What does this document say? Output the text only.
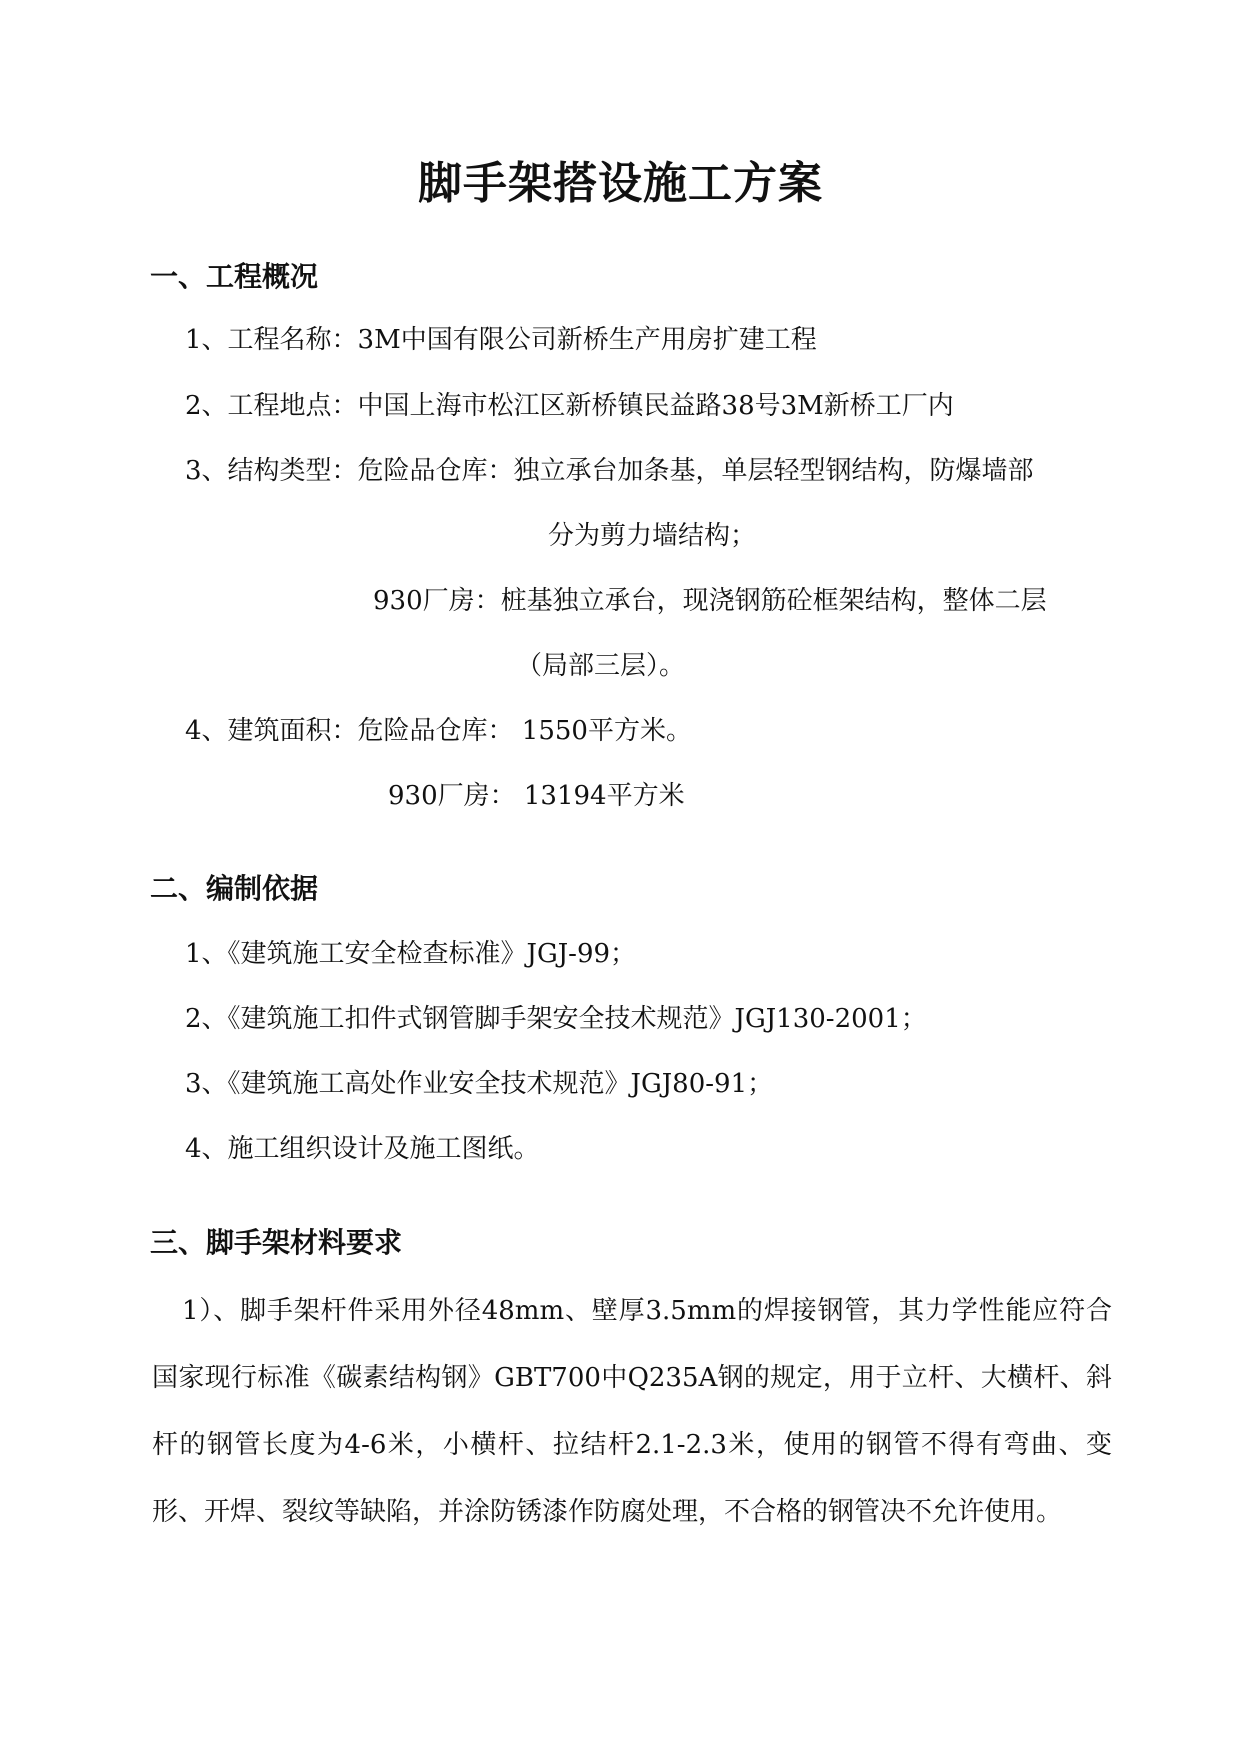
脚手架搭设施工方案
一、工程概况
1、工程名称：3M中国有限公司新桥生产用房扩建工程
2、工程地点：中国上海市松江区新桥镇民益路38号3M新桥工厂内
3、结构类型：危险品仓库：独立承台加条基，单层轻型钢结构，防爆墙部
分为剪力墙结构；
930厂房：桩基独立承台，现浇钢筋砼框架结构，整体二层
（局部三层）。
4、建筑面积：危险品仓库： 1550平方米。
930厂房： 13194平方米
二、编制依据
1、《建筑施工安全检查标准》JGJ-99；
2、《建筑施工扣件式钢管脚手架安全技术规范》JGJ130-2001；
3、《建筑施工高处作业安全技术规范》JGJ80-91；
4、施工组织设计及施工图纸。
三、脚手架材料要求
1）、脚手架杆件采用外径48mm、壁厚3.5mm的焊接钢管，其力学性能应符合国家现行标准《碳素结构钢》GBT700中Q235A钢的规定，用于立杆、大横杆、斜杆的钢管长度为4-6米，小横杆、拉结杆2.1-2.3米，使用的钢管不得有弯曲、变形、开焊、裂纹等缺陷，并涂防锈漆作防腐处理，不合格的钢管决不允许使用。
